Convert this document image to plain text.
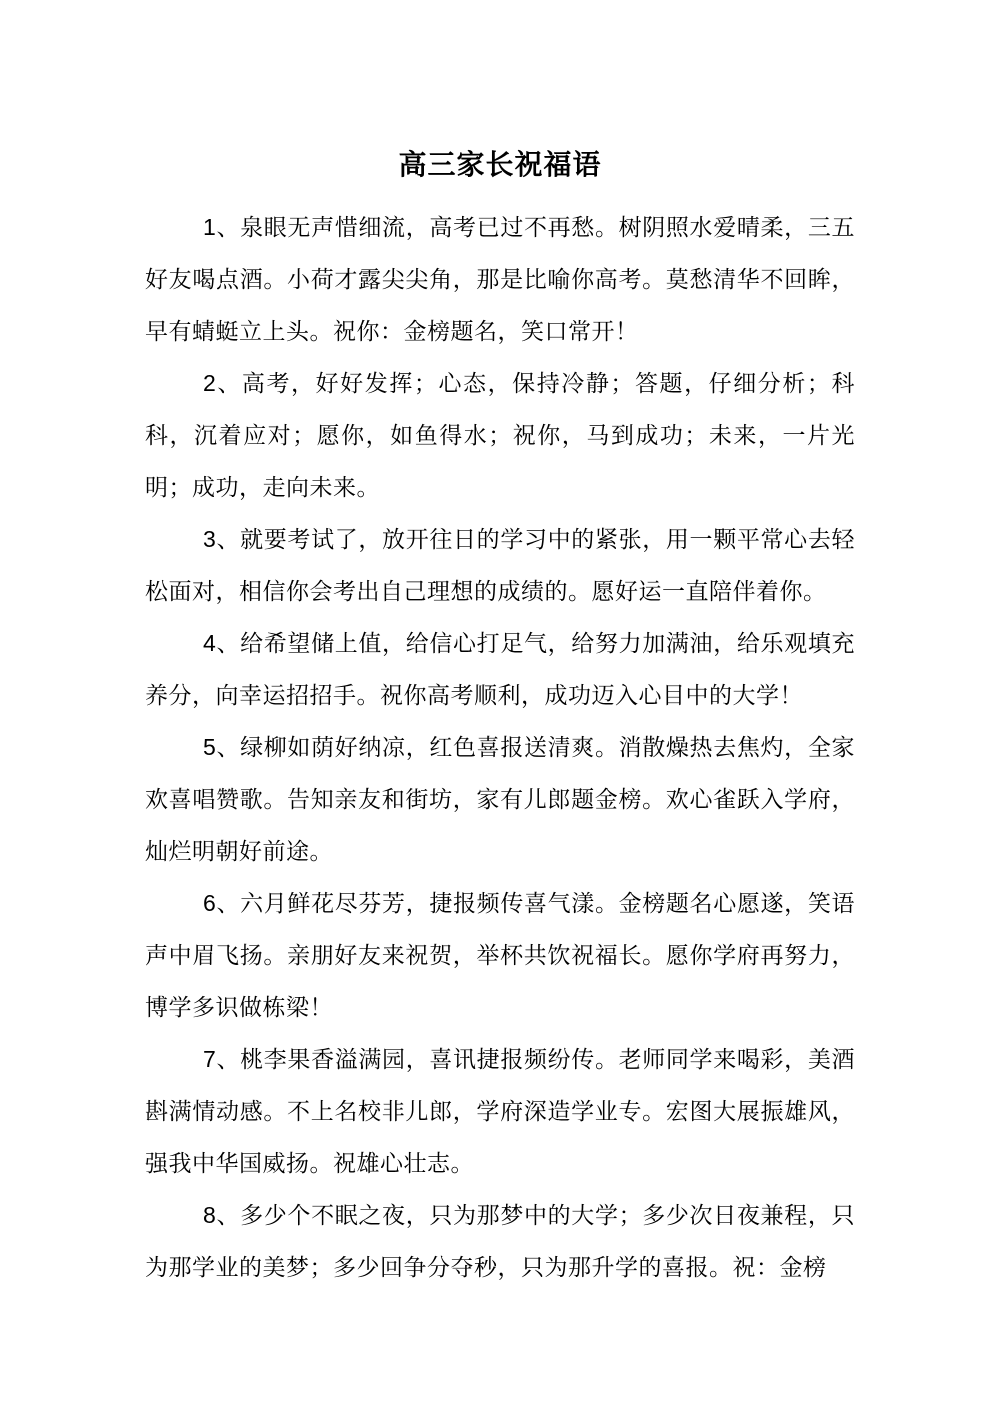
高三家长祝福语

1、泉眼无声惜细流，高考已过不再愁。树阴照水爱晴柔，三五好友喝点酒。小荷才露尖尖角，那是比喻你高考。莫愁清华不回眸，早有蜻蜓立上头。祝你：金榜题名，笑口常开！

2、高考，好好发挥；心态，保持冷静；答题，仔细分析；科科，沉着应对；愿你，如鱼得水；祝你，马到成功；未来，一片光明；成功，走向未来。

3、就要考试了，放开往日的学习中的紧张，用一颗平常心去轻松面对，相信你会考出自己理想的成绩的。愿好运一直陪伴着你。

4、给希望储上值，给信心打足气，给努力加满油，给乐观填充养分，向幸运招招手。祝你高考顺利，成功迈入心目中的大学！

5、绿柳如荫好纳凉，红色喜报送清爽。消散燥热去焦灼，全家欢喜唱赞歌。告知亲友和街坊，家有儿郎题金榜。欢心雀跃入学府，灿烂明朝好前途。

6、六月鲜花尽芬芳，捷报频传喜气漾。金榜题名心愿遂，笑语声中眉飞扬。亲朋好友来祝贺，举杯共饮祝福长。愿你学府再努力，博学多识做栋梁！

7、桃李果香溢满园，喜讯捷报频纷传。老师同学来喝彩，美酒斟满情动感。不上名校非儿郎，学府深造学业专。宏图大展振雄风，强我中华国威扬。祝雄心壮志。

8、多少个不眠之夜，只为那梦中的大学；多少次日夜兼程，只为那学业的美梦；多少回争分夺秒，只为那升学的喜报。祝：金榜
